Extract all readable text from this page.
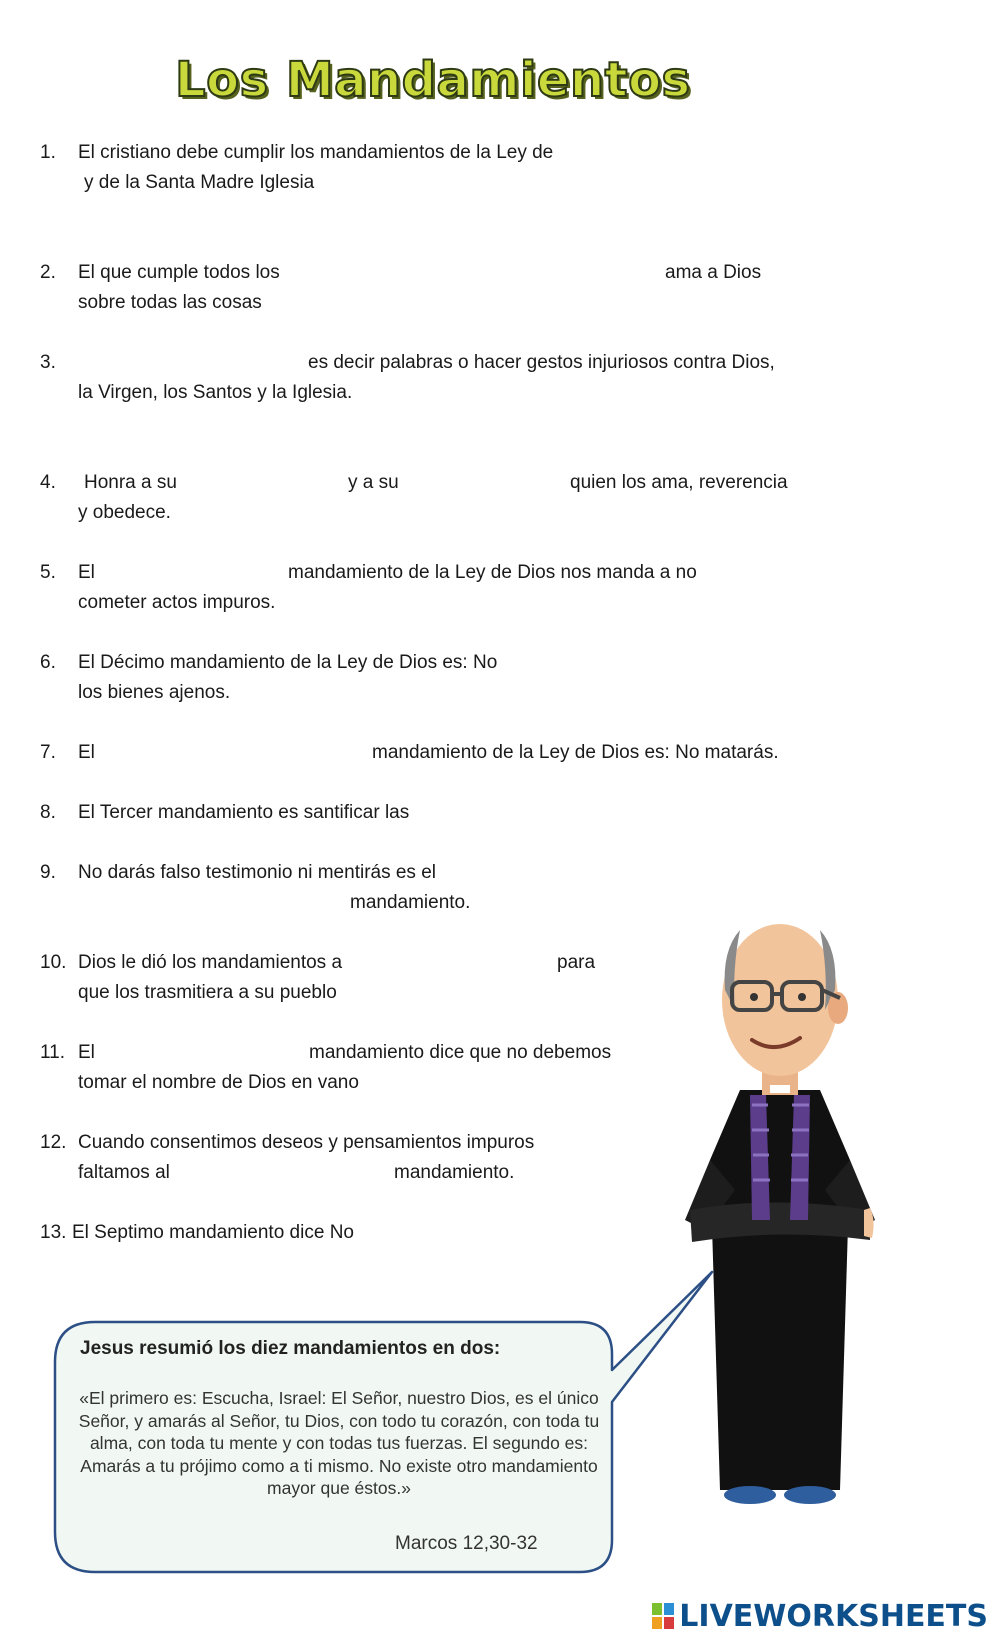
Los Mandamientos
1. El cristiano debe cumplir los mandamientos de la Ley de
y de la Santa Madre Iglesia
2. El que cumple todos los	ama a Dios
sobre todas las cosas
3.	es decir palabras o hacer gestos injuriosos contra Dios,
la Virgen, los Santos y la Iglesia.
4. Honra a su	y a su	quien los ama, reverencia
y obedece.
5. El	mandamiento de la Ley de Dios nos manda a no
cometer actos impuros.
6. El Décimo mandamiento de la Ley de Dios es: No
los bienes ajenos.
7. El	mandamiento de la Ley de Dios es: No matarás.
8. El Tercer mandamiento es santificar las
9. No darás falso testimonio ni mentirás es el
mandamiento.
10. Dios le dió los mandamientos a	para
que los trasmitiera a su pueblo
11. El	mandamiento dice que no debemos
tomar el nombre de Dios en vano
12. Cuando consentimos deseos y pensamientos impuros
faltamos al	mandamiento.
13. El Septimo mandamiento dice No
Jesus resumió los diez mandamientos en dos:
«El primero es: Escucha, Israel: El Señor, nuestro Dios, es el único Señor, y amarás al Señor, tu Dios, con todo tu corazón, con toda tu alma, con toda tu mente y con todas tus fuerzas. El segundo es: Amarás a tu prójimo como a ti mismo. No existe otro mandamiento mayor que éstos.»
Marcos 12,30-32
LIVEWORKSHEETS
